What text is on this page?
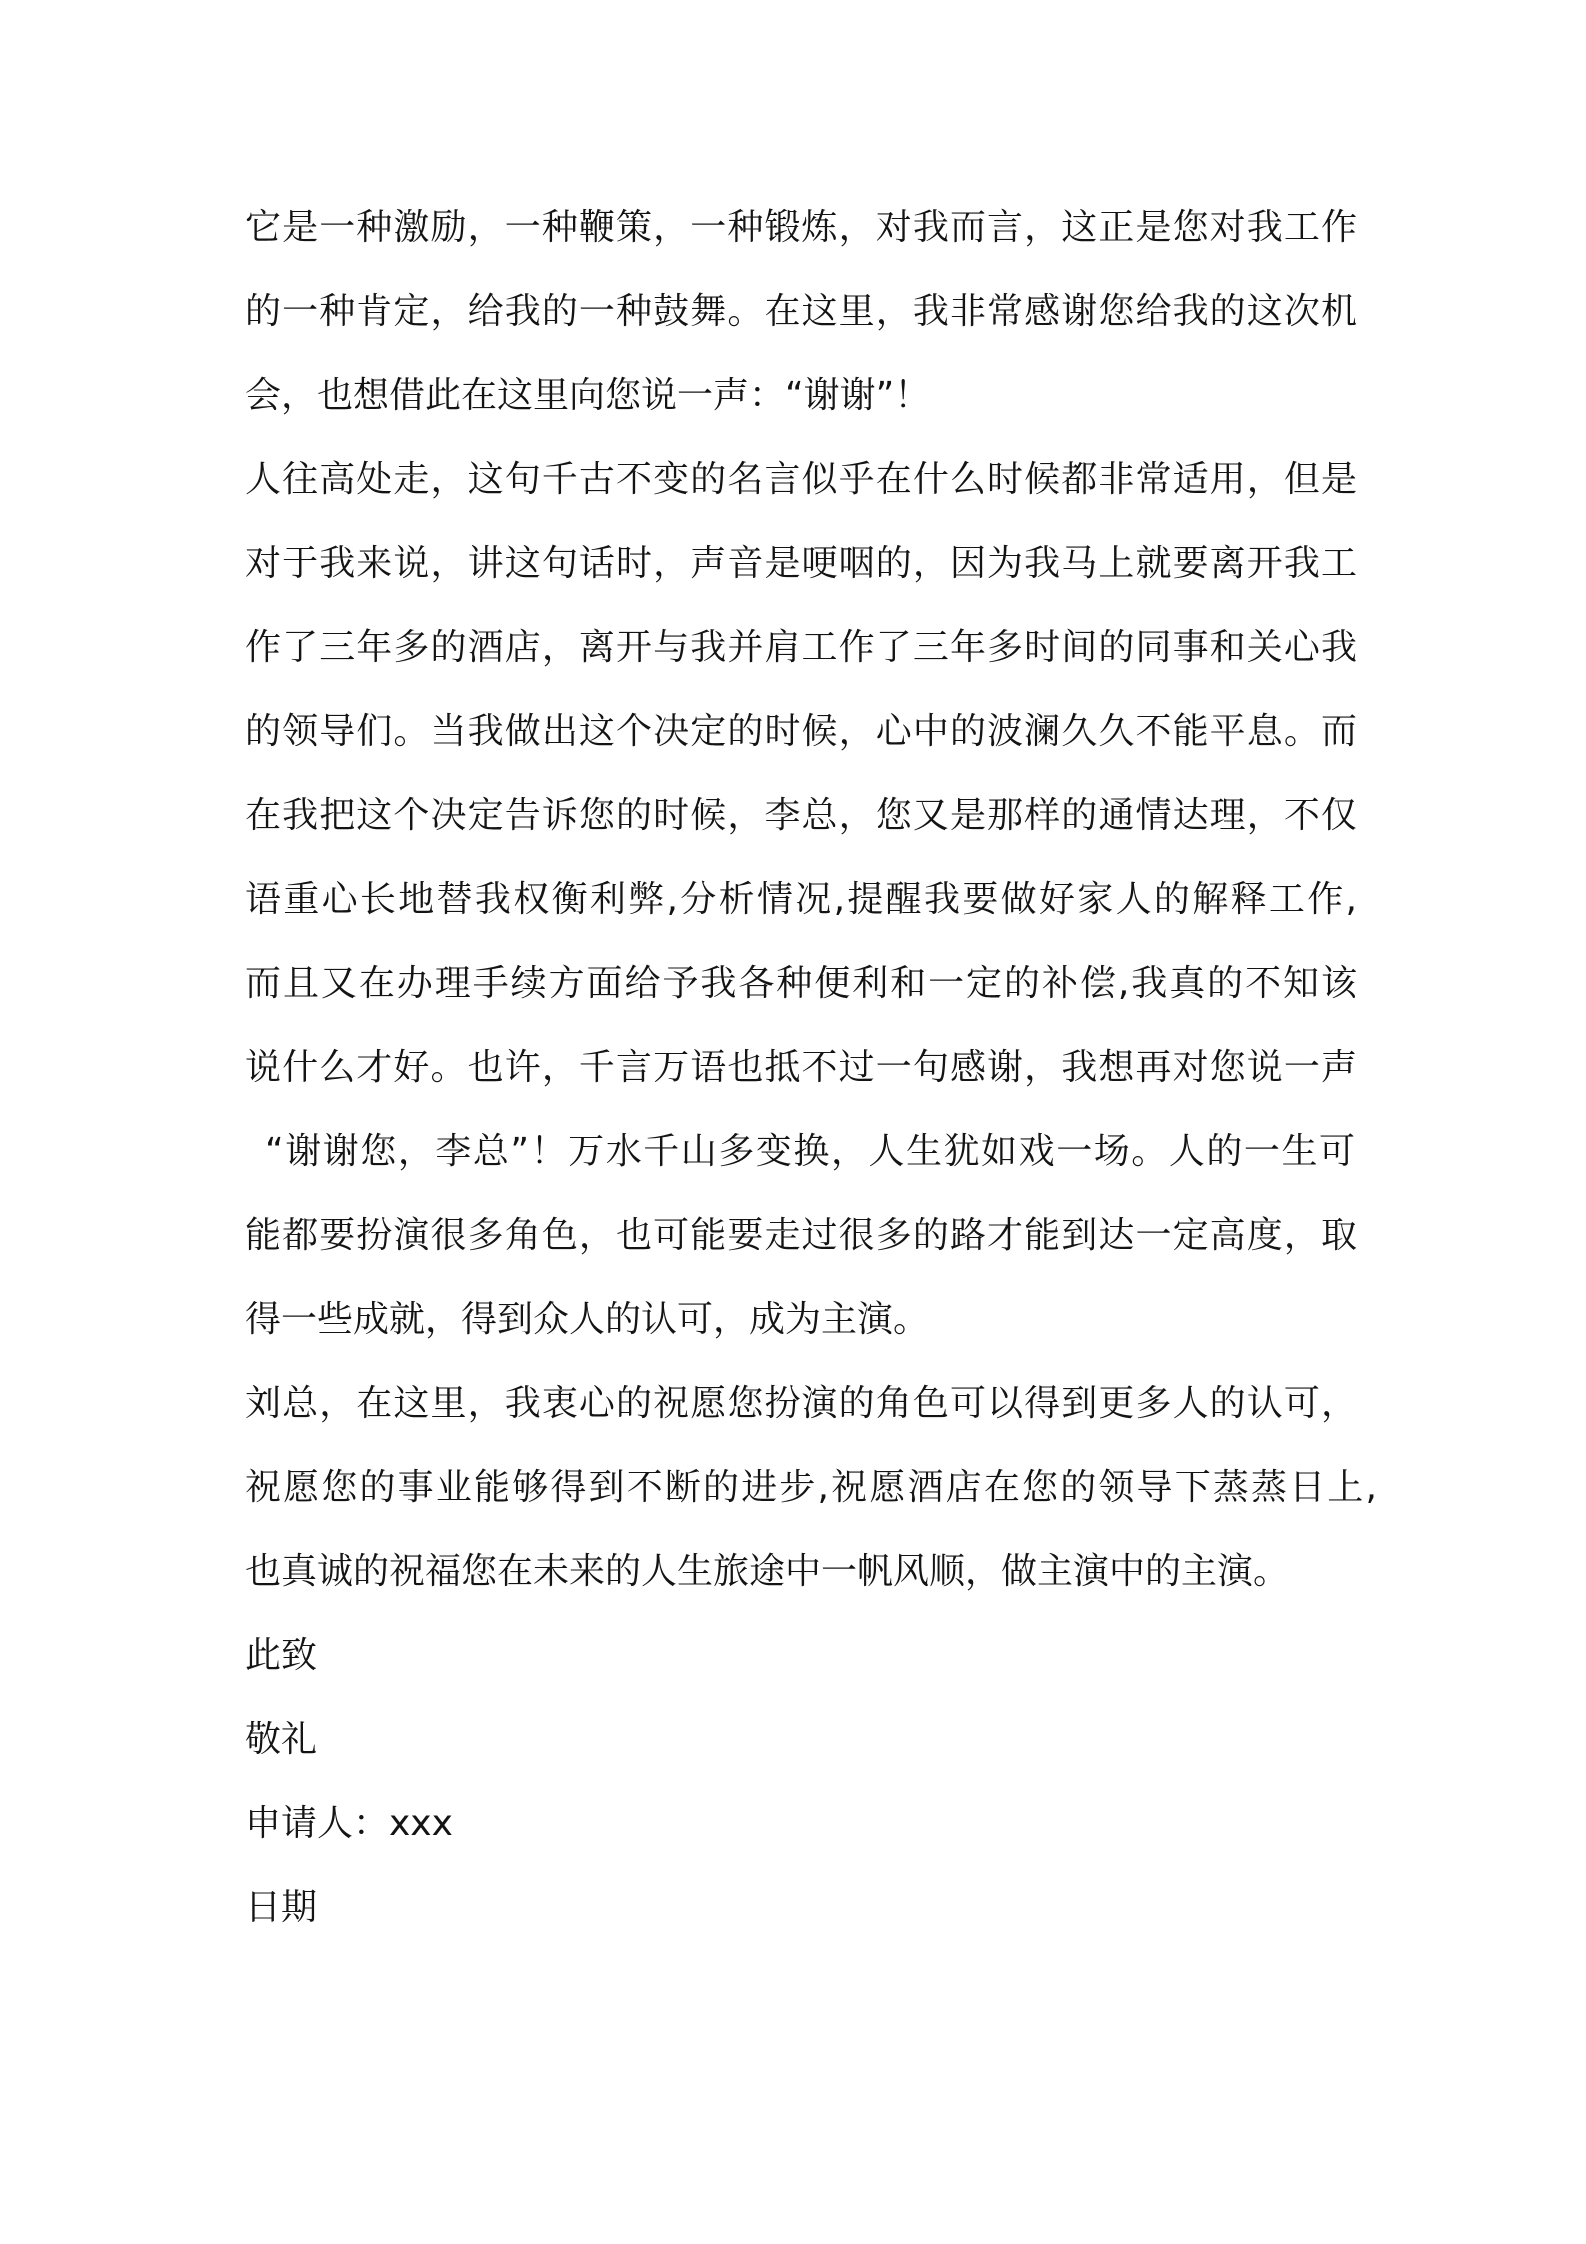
它是一种激励，一种鞭策，一种锻炼，对我而言，这正是您对我工作
的一种肯定，给我的一种鼓舞。在这里，我非常感谢您给我的这次机
会，也想借此在这里向您说一声：“谢谢”！
人往高处走，这句千古不变的名言似乎在什么时候都非常适用，但是
对于我来说，讲这句话时，声音是哽咽的，因为我马上就要离开我工
作了三年多的酒店，离开与我并肩工作了三年多时间的同事和关心我
的领导们。当我做出这个决定的时候，心中的波澜久久不能平息。而
在我把这个决定告诉您的时候，李总，您又是那样的通情达理，不仅
语重心长地替我权衡利弊,分析情况,提醒我要做好家人的解释工作,
而且又在办理手续方面给予我各种便利和一定的补偿,我真的不知该
说什么才好。也许，千言万语也抵不过一句感谢，我想再对您说一声
“谢谢您，李总”！万水千山多变换，人生犹如戏一场。人的一生可
能都要扮演很多角色，也可能要走过很多的路才能到达一定高度，取
得一些成就，得到众人的认可，成为主演。
刘总，在这里，我衷心的祝愿您扮演的角色可以得到更多人的认可，
祝愿您的事业能够得到不断的进步,祝愿酒店在您的领导下蒸蒸日上,
也真诚的祝福您在未来的人生旅途中一帆风顺，做主演中的主演。
此致
敬礼
申请人：xxx
日期
